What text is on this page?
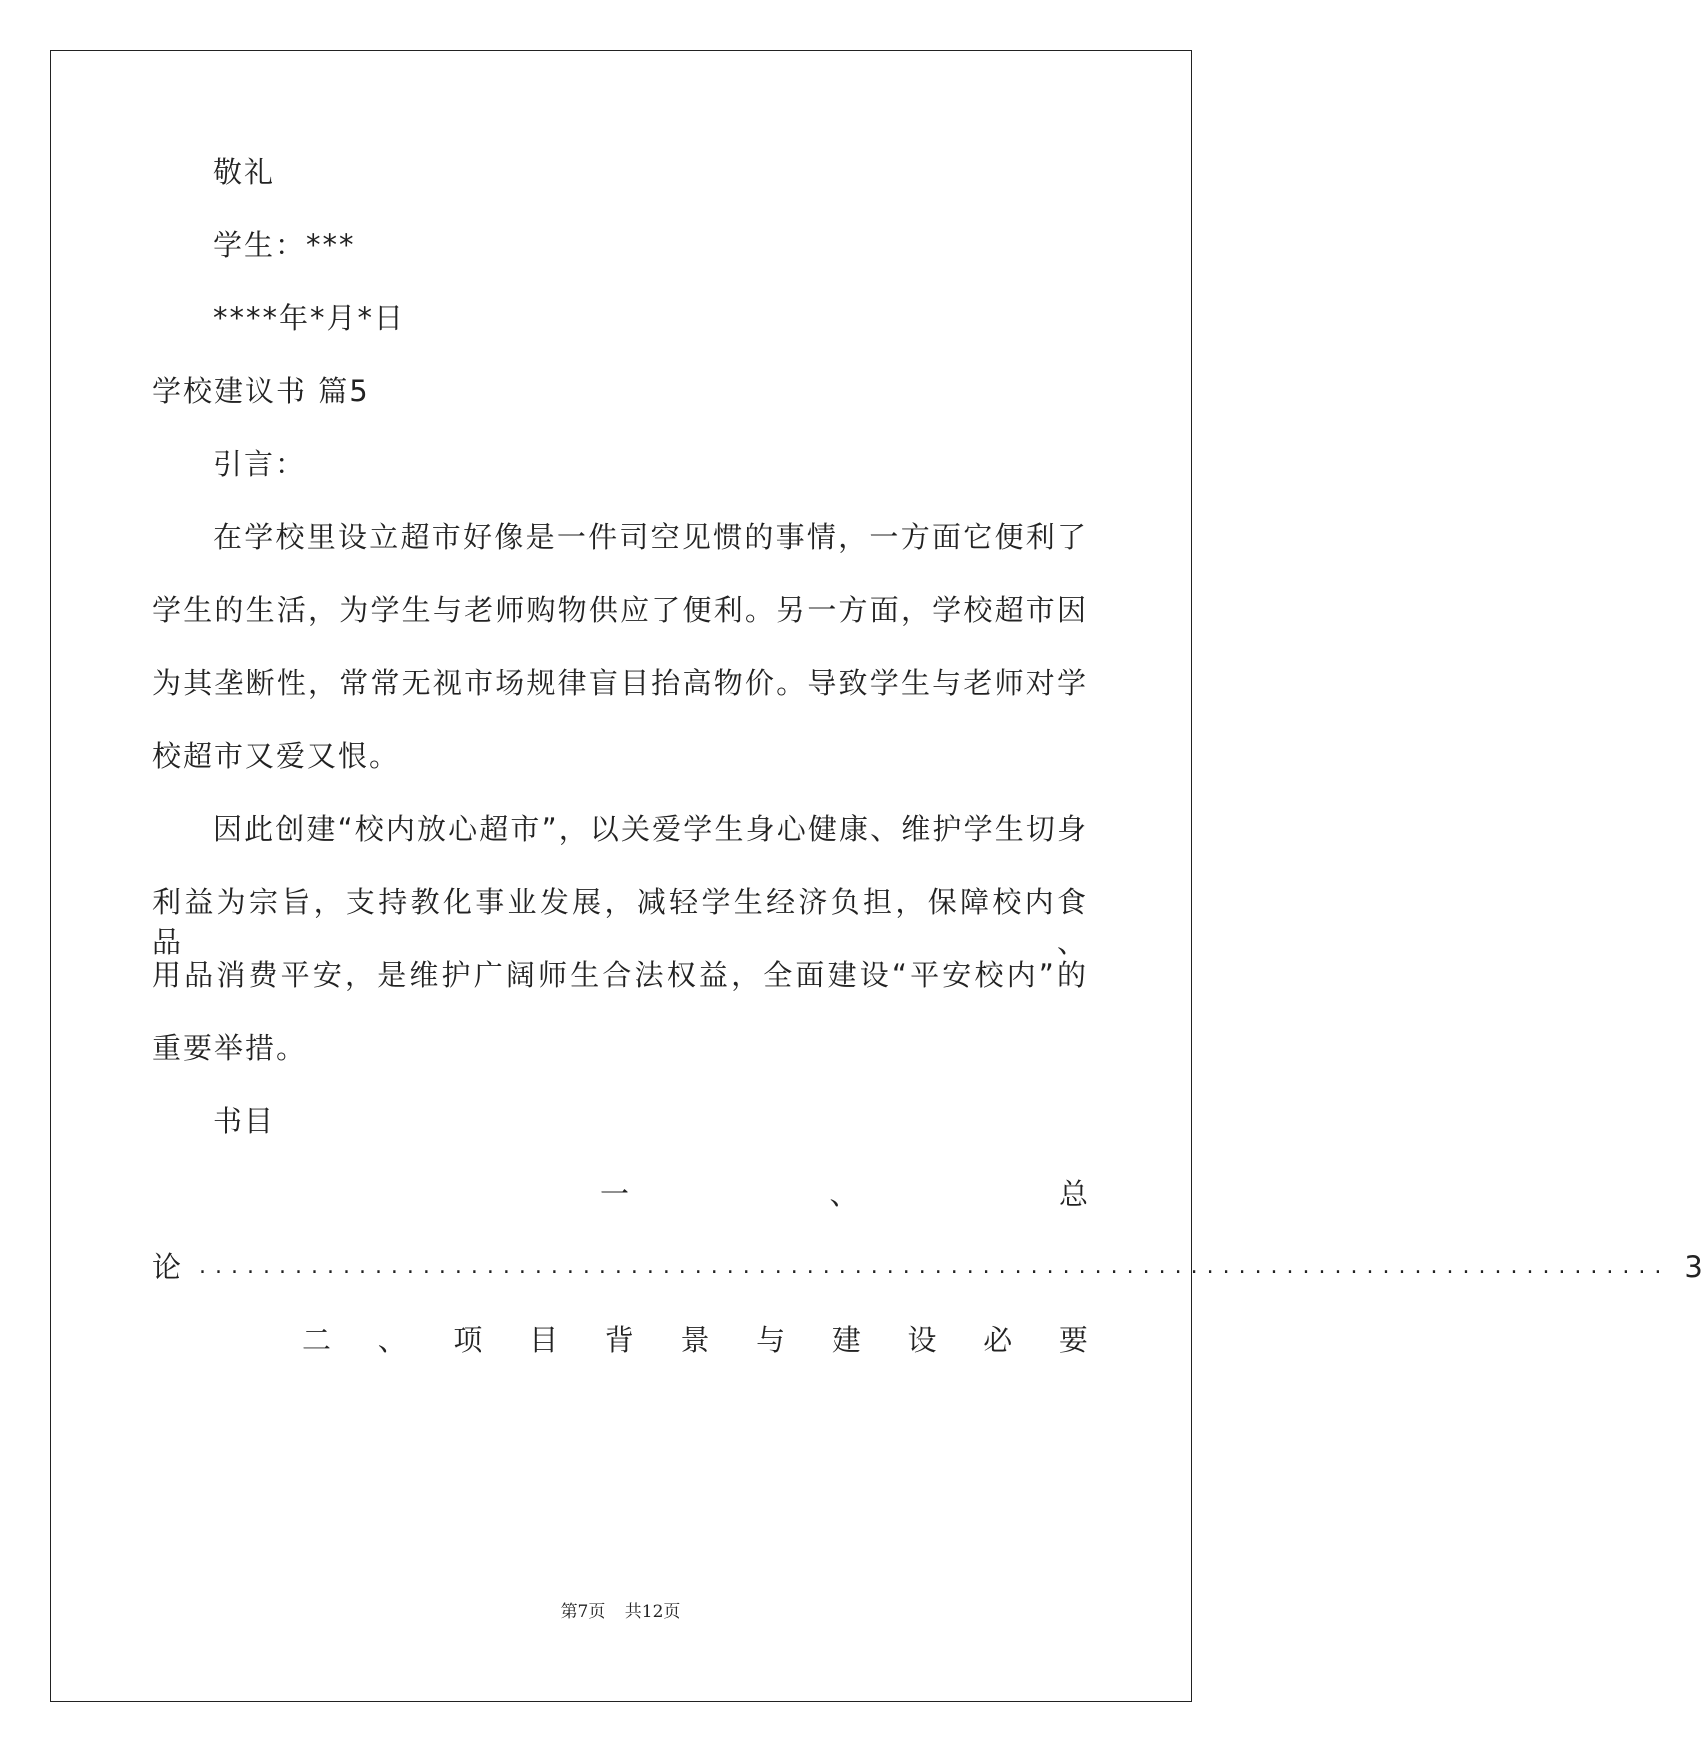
敬礼
学生：***
****年*月*日
学校建议书 篇5
引言：
在学校里设立超市好像是一件司空见惯的事情，一方面它便利了
学生的生活，为学生与老师购物供应了便利。另一方面，学校超市因
为其垄断性，常常无视市场规律盲目抬高物价。导致学生与老师对学
校超市又爱又恨。
因此创建“校内放心超市”，以关爱学生身心健康、维护学生切身
利益为宗旨，支持教化事业发展，减轻学生经济负担，保障校内食品、
用品消费平安，是维护广阔师生合法权益，全面建设“平安校内”的
重要举措。
书目
一	、	总
论 ............................................................................................ 3
二 、 项 目 背 景 与 建 设 必 要
第7页 共12页
